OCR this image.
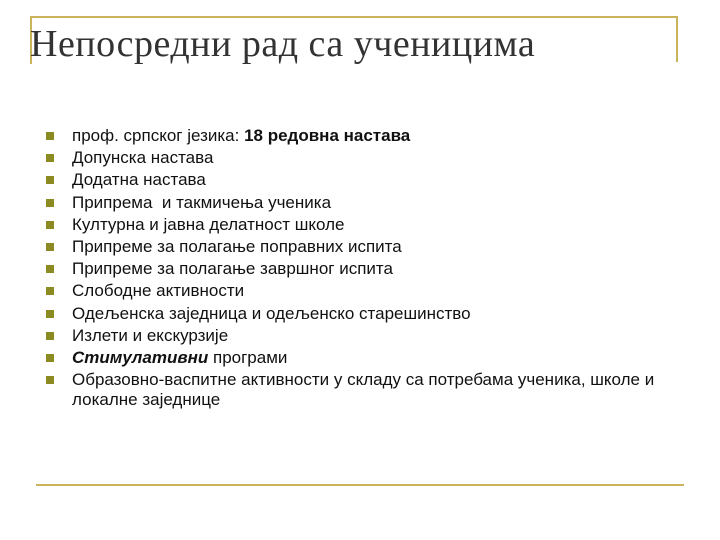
Непосредни рад са ученицима
проф. српског језика: 18 редовна настава
Допунска настава
Додатна настава
Припрема  и такмичења ученика
Културна и јавна делатност школе
Припреме за полагање поправних испита
Припреме за полагање завршног испита
Слободне активности
Одељенска заједница и одељенско старешинство
Излети и екскурзије
Стимулативни програми
Образовно-васпитне активности у складу са потребама ученика, школе и локалне заједнице
